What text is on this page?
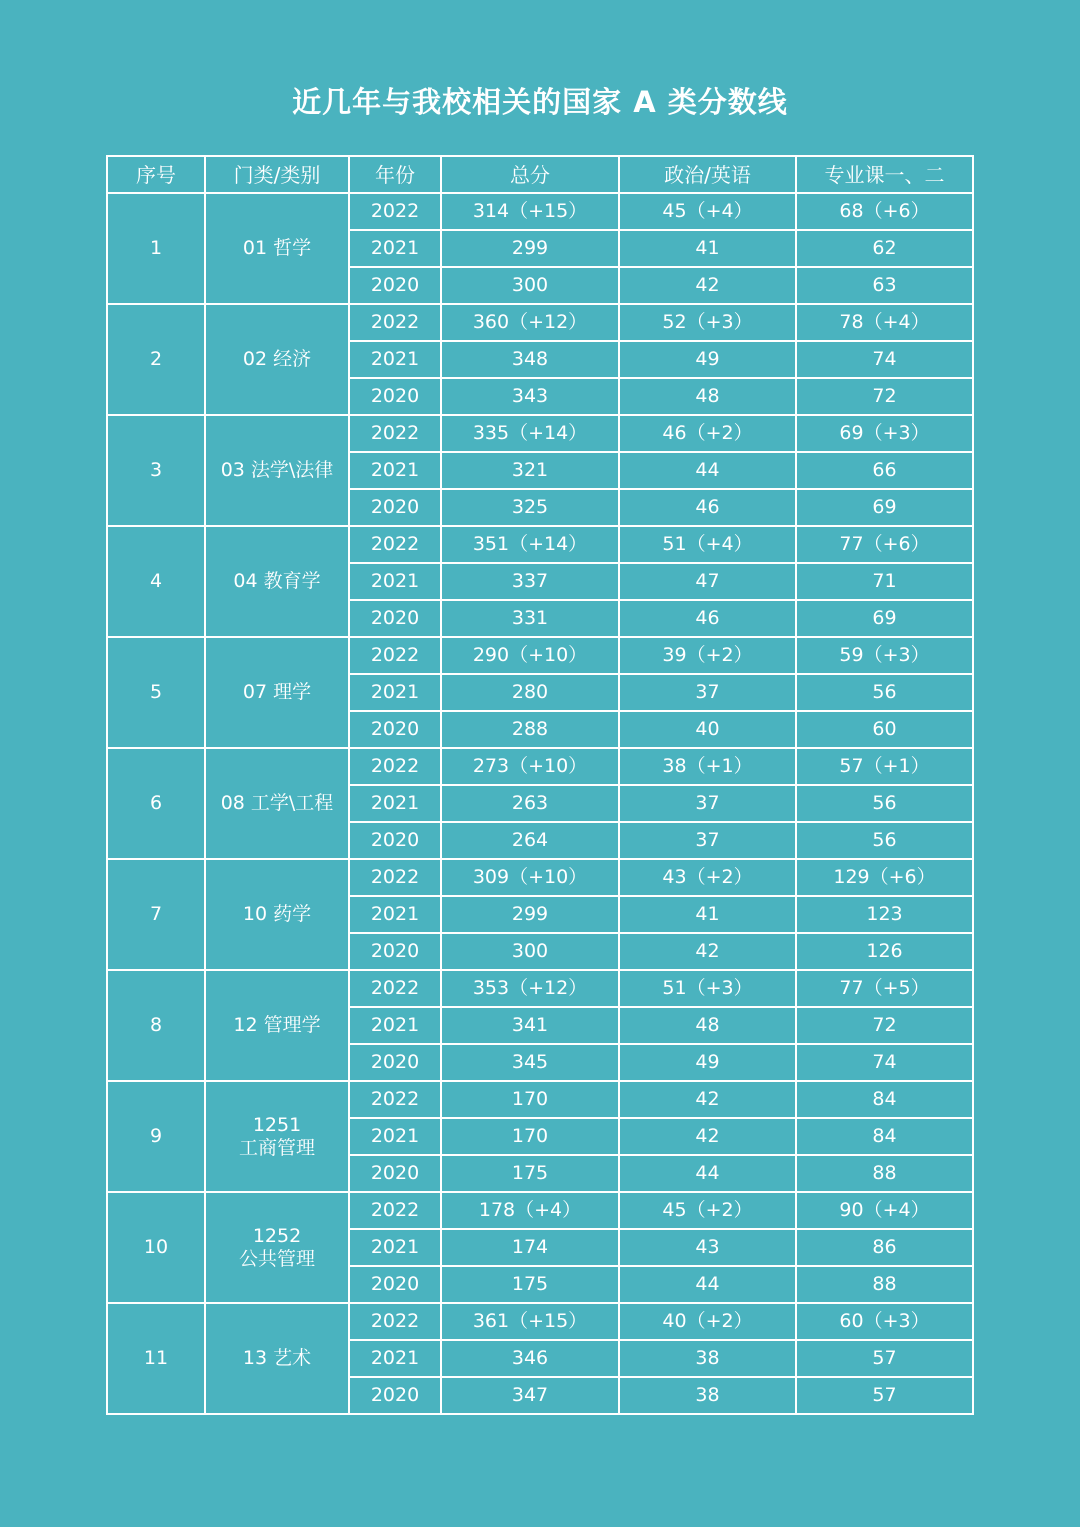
近几年与我校相关的国家 A 类分数线
序号	门类/类别	年份	总分	政治/英语	专业课一、二
1	01 哲学	2022	314（+15）	45（+4）	68（+6）
		2021	299	41	62
		2020	300	42	63
2	02 经济	2022	360（+12）	52（+3）	78（+4）
		2021	348	49	74
		2020	343	48	72
3	03 法学\法律	2022	335（+14）	46（+2）	69（+3）
		2021	321	44	66
		2020	325	46	69
4	04 教育学	2022	351（+14）	51（+4）	77（+6）
		2021	337	47	71
		2020	331	46	69
5	07 理学	2022	290（+10）	39（+2）	59（+3）
		2021	280	37	56
		2020	288	40	60
6	08 工学\工程	2022	273（+10）	38（+1）	57（+1）
		2021	263	37	56
		2020	264	37	56
7	10 药学	2022	309（+10）	43（+2）	129（+6）
		2021	299	41	123
		2020	300	42	126
8	12 管理学	2022	353（+12）	51（+3）	77（+5）
		2021	341	48	72
		2020	345	49	74
9	1251
工商管理	2022	170	42	84
		2021	170	42	84
		2020	175	44	88
10	1252
公共管理	2022	178（+4）	45（+2）	90（+4）
		2021	174	43	86
		2020	175	44	88
11	13 艺术	2022	361（+15）	40（+2）	60（+3）
		2021	346	38	57
		2020	347	38	57
